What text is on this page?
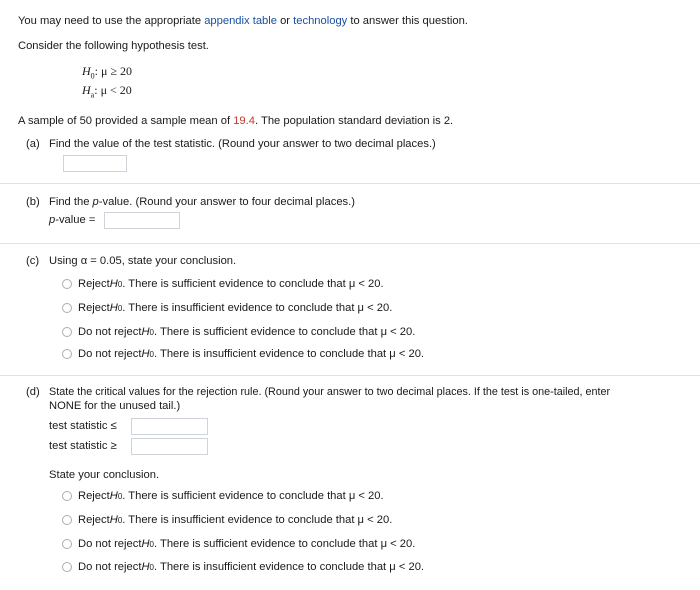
You may need to use the appropriate appendix table or technology to answer this question.
Consider the following hypothesis test.
$H_0$: μ ≥ 20
$H_a$: μ < 20
A sample of 50 provided a sample mean of 19.4. The population standard deviation is 2.
(a) Find the value of the test statistic. (Round your answer to two decimal places.)
(b) Find the p-value. (Round your answer to four decimal places.)
p-value =
(c) Using α = 0.05, state your conclusion.
Reject H 0 . There is sufficient evidence to conclude that μ < 20.
Reject H 0 . There is insufficient evidence to conclude that μ < 20.
Do not reject H 0 . There is sufficient evidence to conclude that μ < 20.
Do not reject H 0 . There is insufficient evidence to conclude that μ < 20.
(d) State the critical values for the rejection rule. (Round your answer to two decimal places. If the test is one-tailed, enter
NONE for the unused tail.)
test statistic ≤
test statistic ≥
State your conclusion.
Reject H 0 . There is sufficient evidence to conclude that μ < 20.
Reject H 0 . There is insufficient evidence to conclude that μ < 20.
Do not reject H 0 . There is sufficient evidence to conclude that μ < 20.
Do not reject H 0 . There is insufficient evidence to conclude that μ < 20.
